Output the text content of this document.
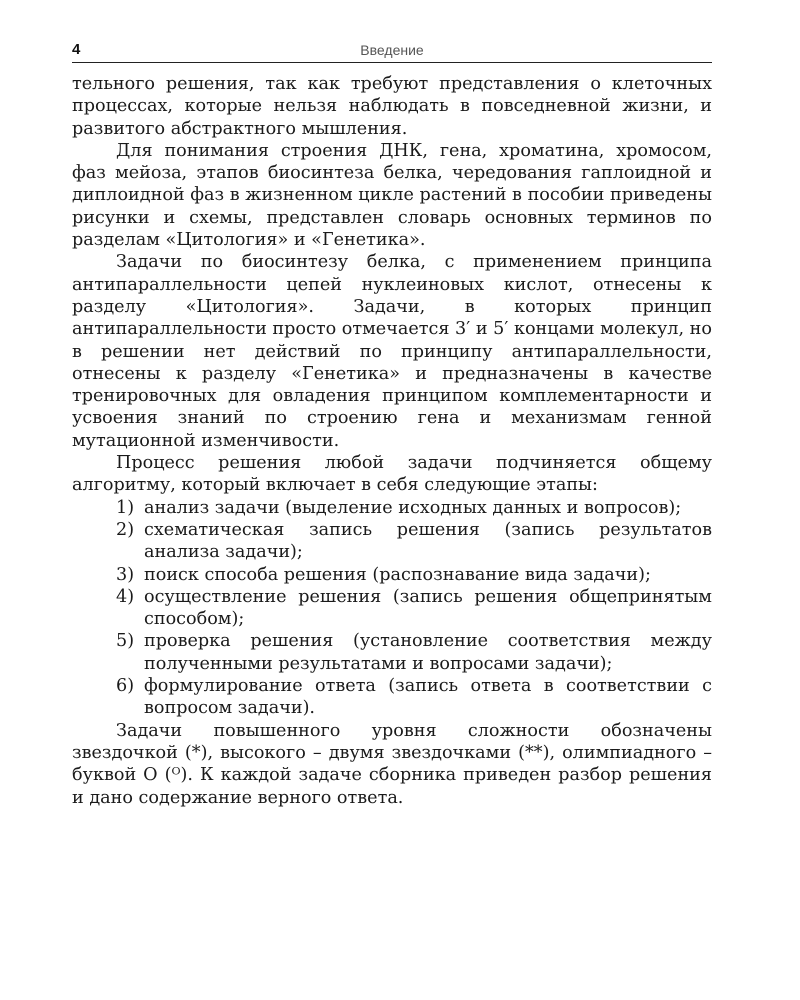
4	Введение

тельного решения, так как требуют представления о клеточных процессах, которые нельзя наблюдать в повседневной жизни, и развитого абстрактного мышления.

Для понимания строения ДНК, гена, хроматина, хромосом, фаз мейоза, этапов биосинтеза белка, чередования гаплоидной и диплоидной фаз в жизненном цикле растений в пособии приведены рисунки и схемы, представлен словарь основных терминов по разделам «Цитология» и «Генетика».

Задачи по биосинтезу белка, с применением принципа антипараллельности цепей нуклеиновых кислот, отнесены к разделу «Цитология». Задачи, в которых принцип антипараллельности просто отмечается 3′ и 5′ концами молекул, но в решении нет действий по принципу антипараллельности, отнесены к разделу «Генетика» и предназначены в качестве тренировочных для овладения принципом комплементарности и усвоения знаний по строению гена и механизмам генной мутационной изменчивости.

Процесс решения любой задачи подчиняется общему алгоритму, который включает в себя следующие этапы:

1) анализ задачи (выделение исходных данных и вопросов);
2) схематическая запись решения (запись результатов анализа задачи);
3) поиск способа решения (распознавание вида задачи);
4) осуществление решения (запись решения общепринятым способом);
5) проверка решения (установление соответствия между полученными результатами и вопросами задачи);
6) формулирование ответа (запись ответа в соответствии с вопросом задачи).

Задачи повышенного уровня сложности обозначены звездочкой (*), высокого – двумя звездочками (**), олимпиадного – буквой О (ᴼ). К каждой задаче сборника приведен разбор решения и дано содержание верного ответа.
